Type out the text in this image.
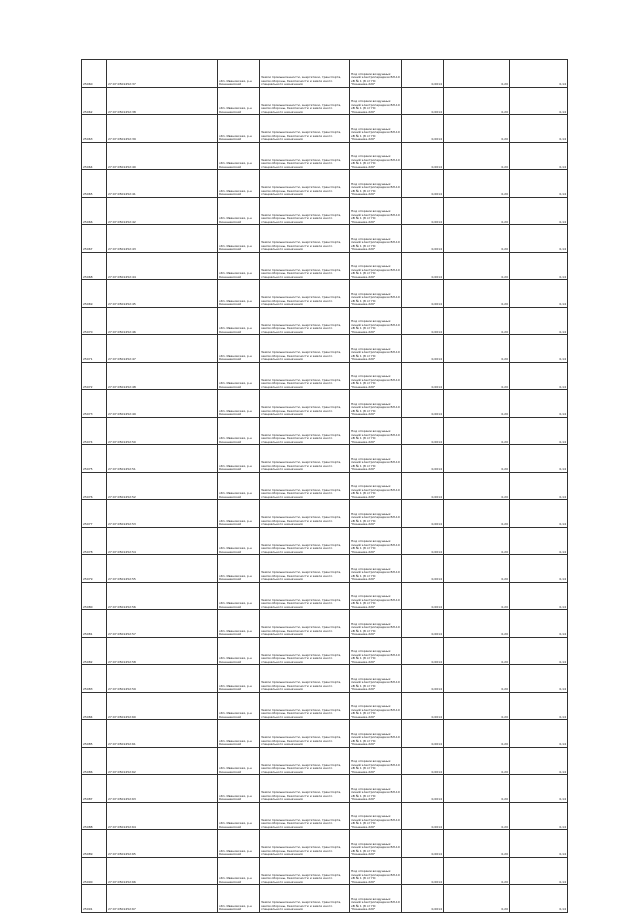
25060	27:07:0501452:37	обл. Ивановская, р-н Кинешемский	Земли промышленности, энергетики, транспорта, земли обороны, безопасности и земли иного специального назначения	Под опорами воздушных линий электропередачи ВЛ-10 кВ № 1 (8 от ПС "Кинешма-220"	0,0014	0,20	0,14
25062	27:07:0501452:38	обл. Ивановская, р-н Кинешемский	Земли промышленности, энергетики, транспорта, земли обороны, безопасности и земли иного специального назначения	Под опорами воздушных линий электропередачи ВЛ-10 кВ № 1 (8 от ПС "Кинешма-220"	0,0014	0,20	0,14
25063	27:07:0501452:39	обл. Ивановская, р-н Кинешемский	Земли промышленности, энергетики, транспорта, земли обороны, безопасности и земли иного специального назначения	Под опорами воздушных линий электропередачи ВЛ-10 кВ № 1 (8 от ПС "Кинешма-220"	0,0014	0,20	0,14
25064	27:07:0501452:40	обл. Ивановская, р-н Кинешемский	Земли промышленности, энергетики, транспорта, земли обороны, безопасности и земли иного специального назначения	Под опорами воздушных линий электропередачи ВЛ-10 кВ № 1 (8 от ПС "Кинешма-220"	0,0014	0,20	0,14
25065	27:07:0501452:41	обл. Ивановская, р-н Кинешемский	Земли промышленности, энергетики, транспорта, земли обороны, безопасности и земли иного специального назначения	Под опорами воздушных линий электропередачи ВЛ-10 кВ № 1 (8 от ПС "Кинешма-220"	0,0014	0,20	0,14
25066	27:07:0501452:42	обл. Ивановская, р-н Кинешемский	Земли промышленности, энергетики, транспорта, земли обороны, безопасности и земли иного специального назначения	Под опорами воздушных линий электропередачи ВЛ-10 кВ № 1 (8 от ПС "Кинешма-220"	0,0014	0,20	0,14
25067	27:07:0501452:43	обл. Ивановская, р-н Кинешемский	Земли промышленности, энергетики, транспорта, земли обороны, безопасности и земли иного специального назначения	Под опорами воздушных линий электропередачи ВЛ-10 кВ № 1 (8 от ПС "Кинешма-220"	0,0014	0,20	0,14
25068	27:07:0501452:44	обл. Ивановская, р-н Кинешемский	Земли промышленности, энергетики, транспорта, земли обороны, безопасности и земли иного специального назначения	Под опорами воздушных линий электропередачи ВЛ-10 кВ № 1 (8 от ПС "Кинешма-220"	0,0014	0,20	0,14
25069	27:07:0501452:45	обл. Ивановская, р-н Кинешемский	Земли промышленности, энергетики, транспорта, земли обороны, безопасности и земли иного специального назначения	Под опорами воздушных линий электропередачи ВЛ-10 кВ № 1 (8 от ПС "Кинешма-220"	0,0014	0,20	0,14
25070	27:07:0501452:46	обл. Ивановская, р-н Кинешемский	Земли промышленности, энергетики, транспорта, земли обороны, безопасности и земли иного специального назначения	Под опорами воздушных линий электропередачи ВЛ-10 кВ № 1 (8 от ПС "Кинешма-220"	0,0014	0,20	0,14
25071	27:07:0501452:47	обл. Ивановская, р-н Кинешемский	Земли промышленности, энергетики, транспорта, земли обороны, безопасности и земли иного специального назначения	Под опорами воздушных линий электропередачи ВЛ-10 кВ № 1 (8 от ПС "Кинешма-220"	0,0014	0,20	0,14
25072	27:07:0501452:48	обл. Ивановская, р-н Кинешемский	Земли промышленности, энергетики, транспорта, земли обороны, безопасности и земли иного специального назначения	Под опорами воздушных линий электропередачи ВЛ-10 кВ № 1 (8 от ПС "Кинешма-220"	0,0014	0,20	0,14
25073	27:07:0501452:49	обл. Ивановская, р-н Кинешемский	Земли промышленности, энергетики, транспорта, земли обороны, безопасности и земли иного специального назначения	Под опорами воздушных линий электропередачи ВЛ-10 кВ № 1 (8 от ПС "Кинешма-220"	0,0014	0,20	0,14
25074	27:07:0501452:50	обл. Ивановская, р-н Кинешемский	Земли промышленности, энергетики, транспорта, земли обороны, безопасности и земли иного специального назначения	Под опорами воздушных линий электропередачи ВЛ-10 кВ № 1 (8 от ПС "Кинешма-220"	0,0014	0,20	0,14
25075	27:07:0501452:51	обл. Ивановская, р-н Кинешемский	Земли промышленности, энергетики, транспорта, земли обороны, безопасности и земли иного специального назначения	Под опорами воздушных линий электропередачи ВЛ-10 кВ № 1 (8 от ПС "Кинешма-220"	0,0014	0,20	0,14
25076	27:07:0501452:52	обл. Ивановская, р-н Кинешемский	Земли промышленности, энергетики, транспорта, земли обороны, безопасности и земли иного специального назначения	Под опорами воздушных линий электропередачи ВЛ-10 кВ № 1 (8 от ПС "Кинешма-220"	0,0014	0,20	0,14
25077	27:07:0501452:53	обл. Ивановская, р-н Кинешемский	Земли промышленности, энергетики, транспорта, земли обороны, безопасности и земли иного специального назначения	Под опорами воздушных линий электропередачи ВЛ-10 кВ № 1 (8 от ПС "Кинешма-220"	0,0014	0,20	0,14
25078	27:07:0501452:54	обл. Ивановская, р-н Кинешемский	Земли промышленности, энергетики, транспорта, земли обороны, безопасности и земли иного специального назначения	Под опорами воздушных линий электропередачи ВЛ-10 кВ № 1 (8 от ПС "Кинешма-220"	0,0014	0,20	0,14
25079	27:07:0501452:55	обл. Ивановская, р-н Кинешемский	Земли промышленности, энергетики, транспорта, земли обороны, безопасности и земли иного специального назначения	Под опорами воздушных линий электропередачи ВЛ-10 кВ № 1 (8 от ПС "Кинешма-220"	0,0014	0,20	0,14
25080	27:07:0501452:56	обл. Ивановская, р-н Кинешемский	Земли промышленности, энергетики, транспорта, земли обороны, безопасности и земли иного специального назначения	Под опорами воздушных линий электропередачи ВЛ-10 кВ № 1 (8 от ПС "Кинешма-220"	0,0014	0,20	0,14
25081	27:07:0501452:57	обл. Ивановская, р-н Кинешемский	Земли промышленности, энергетики, транспорта, земли обороны, безопасности и земли иного специального назначения	Под опорами воздушных линий электропередачи ВЛ-10 кВ № 1 (8 от ПС "Кинешма-220"	0,0014	0,20	0,14
25082	27:07:0501452:58	обл. Ивановская, р-н Кинешемский	Земли промышленности, энергетики, транспорта, земли обороны, безопасности и земли иного специального назначения	Под опорами воздушных линий электропередачи ВЛ-10 кВ № 1 (8 от ПС "Кинешма-220"	0,0014	0,20	0,14
25083	27:07:0501452:59	обл. Ивановская, р-н Кинешемский	Земли промышленности, энергетики, транспорта, земли обороны, безопасности и земли иного специального назначения	Под опорами воздушных линий электропередачи ВЛ-10 кВ № 1 (8 от ПС "Кинешма-220"	0,0014	0,20	0,14
25084	27:07:0501452:60	обл. Ивановская, р-н Кинешемский	Земли промышленности, энергетики, транспорта, земли обороны, безопасности и земли иного специального назначения	Под опорами воздушных линий электропередачи ВЛ-10 кВ № 1 (8 от ПС "Кинешма-220"	0,0014	0,20	0,14
25085	27:07:0501452:61	обл. Ивановская, р-н Кинешемский	Земли промышленности, энергетики, транспорта, земли обороны, безопасности и земли иного специального назначения	Под опорами воздушных линий электропередачи ВЛ-10 кВ № 1 (8 от ПС "Кинешма-220"	0,0014	0,20	0,14
25086	27:07:0501452:62	обл. Ивановская, р-н Кинешемский	Земли промышленности, энергетики, транспорта, земли обороны, безопасности и земли иного специального назначения	Под опорами воздушных линий электропередачи ВЛ-10 кВ № 1 (8 от ПС "Кинешма-220"	0,0014	0,20	0,14
25087	27:07:0501452:63	обл. Ивановская, р-н Кинешемский	Земли промышленности, энергетики, транспорта, земли обороны, безопасности и земли иного специального назначения	Под опорами воздушных линий электропередачи ВЛ-10 кВ № 1 (8 от ПС "Кинешма-220"	0,0014	0,20	0,14
25088	27:07:0501452:64	обл. Ивановская, р-н Кинешемский	Земли промышленности, энергетики, транспорта, земли обороны, безопасности и земли иного специального назначения	Под опорами воздушных линий электропередачи ВЛ-10 кВ № 1 (8 от ПС "Кинешма-220"	0,0014	0,20	0,14
25089	27:07:0501452:65	обл. Ивановская, р-н Кинешемский	Земли промышленности, энергетики, транспорта, земли обороны, безопасности и земли иного специального назначения	Под опорами воздушных линий электропередачи ВЛ-10 кВ № 1 (8 от ПС "Кинешма-220"	0,0014	0,20	0,14
25090	27:07:0501452:66	обл. Ивановская, р-н Кинешемский	Земли промышленности, энергетики, транспорта, земли обороны, безопасности и земли иного специального назначения	Под опорами воздушных линий электропередачи ВЛ-10 кВ № 1 (8 от ПС "Кинешма-220"	0,0014	0,20	0,14
25091	27:07:0501452:67	обл. Ивановская, р-н Кинешемский	Земли промышленности, энергетики, транспорта, земли обороны, безопасности и земли иного специального назначения	Под опорами воздушных линий электропередачи ВЛ-10 кВ № 1 (8 от ПС "Кинешма-220"	0,0014	0,20	0,14
